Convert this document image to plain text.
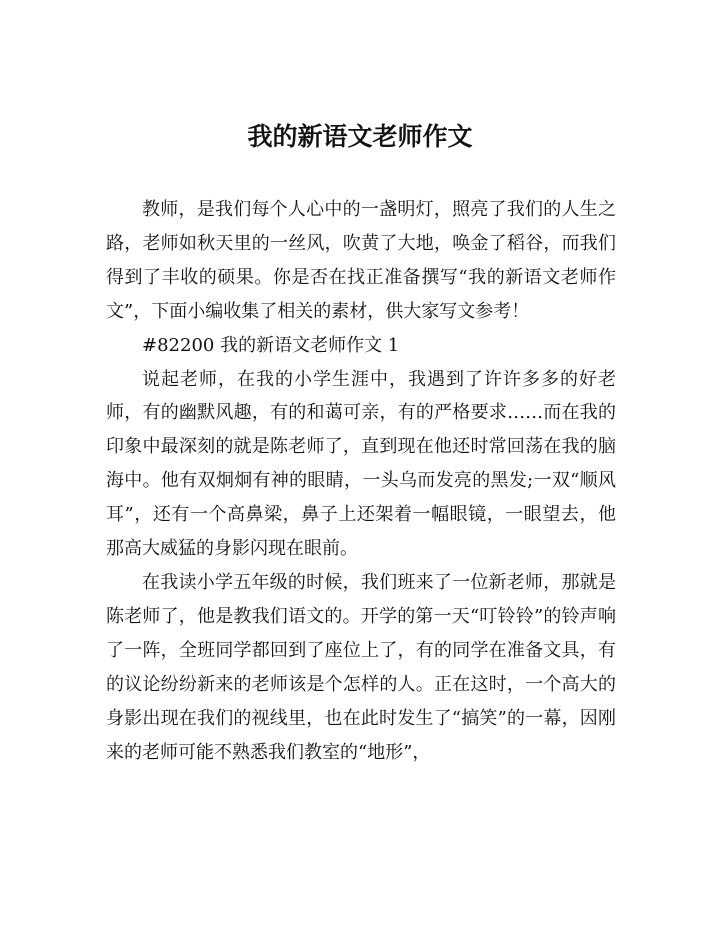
我的新语文老师作文

教师，是我们每个人心中的一盏明灯，照亮了我们的人生之路，老师如秋天里的一丝风，吹黄了大地，唤金了稻谷，而我们得到了丰收的硕果。你是否在找正准备撰写“我的新语文老师作文”，下面小编收集了相关的素材，供大家写文参考！

#82200 我的新语文老师作文 1

说起老师，在我的小学生涯中，我遇到了许许多多的好老师，有的幽默风趣，有的和蔼可亲，有的严格要求……而在我的印象中最深刻的就是陈老师了，直到现在他还时常回荡在我的脑海中。他有双炯炯有神的眼睛，一头乌而发亮的黑发;一双“顺风耳”，还有一个高鼻梁，鼻子上还架着一幅眼镜，一眼望去，他那高大威猛的身影闪现在眼前。

在我读小学五年级的时候，我们班来了一位新老师，那就是陈老师了，他是教我们语文的。开学的第一天“叮铃铃”的铃声响了一阵，全班同学都回到了座位上了，有的同学在准备文具，有的议论纷纷新来的老师该是个怎样的人。正在这时，一个高大的身影出现在我们的视线里，也在此时发生了“搞笑”的一幕，因刚来的老师可能不熟悉我们教室的“地形”，
